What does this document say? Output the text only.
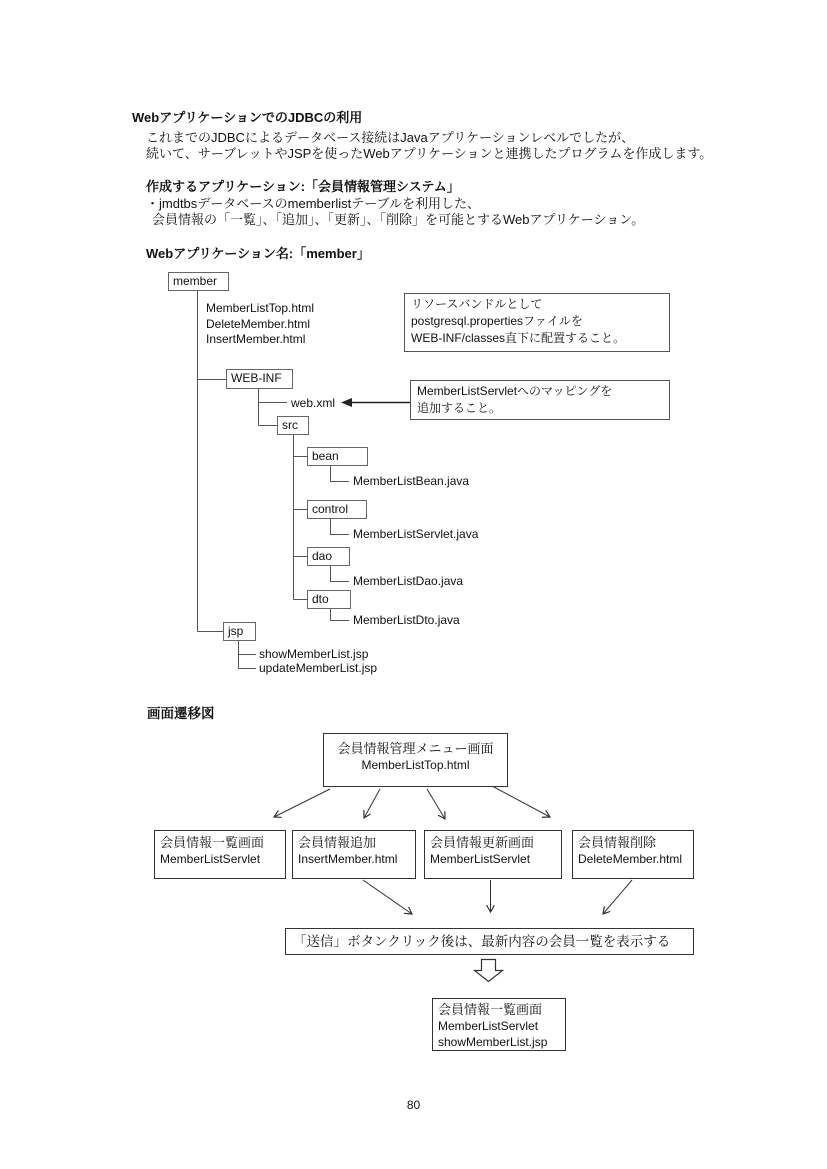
WebアプリケーションでのJDBCの利用
これまでのJDBCによるデータベース接続はJavaアプリケーションレベルでしたが、
続いて、サーブレットやJSPを使ったWebアプリケーションと連携したプログラムを作成します。
作成するアプリケーション:「会員情報管理システム」
・jmdtbsデータベースのmemberlistテーブルを利用した、
会員情報の「一覧」、「追加」、「更新」、「削除」を可能とするWebアプリケーション。
Webアプリケーション名:「member」
member
MemberListTop.html
DeleteMember.html
InsertMember.html
WEB-INF
web.xml
src
bean
MemberListBean.java
control
MemberListServlet.java
dao
MemberListDao.java
dto
MemberListDto.java
jsp
showMemberList.jsp
updateMemberList.jsp
リソースバンドルとして
postgresql.propertiesファイルを
WEB-INF/classes直下に配置すること。
MemberListServletへのマッピングを
追加すること。
画面遷移図
会員情報管理メニュー画面
MemberListTop.html
会員情報一覧画面
MemberListServlet
会員情報追加
InsertMember.html
会員情報更新画面
MemberListServlet
会員情報削除
DeleteMember.html
「送信」ボタンクリック後は、最新内容の会員一覧を表示する
会員情報一覧画面
MemberListServlet
showMemberList.jsp
80
